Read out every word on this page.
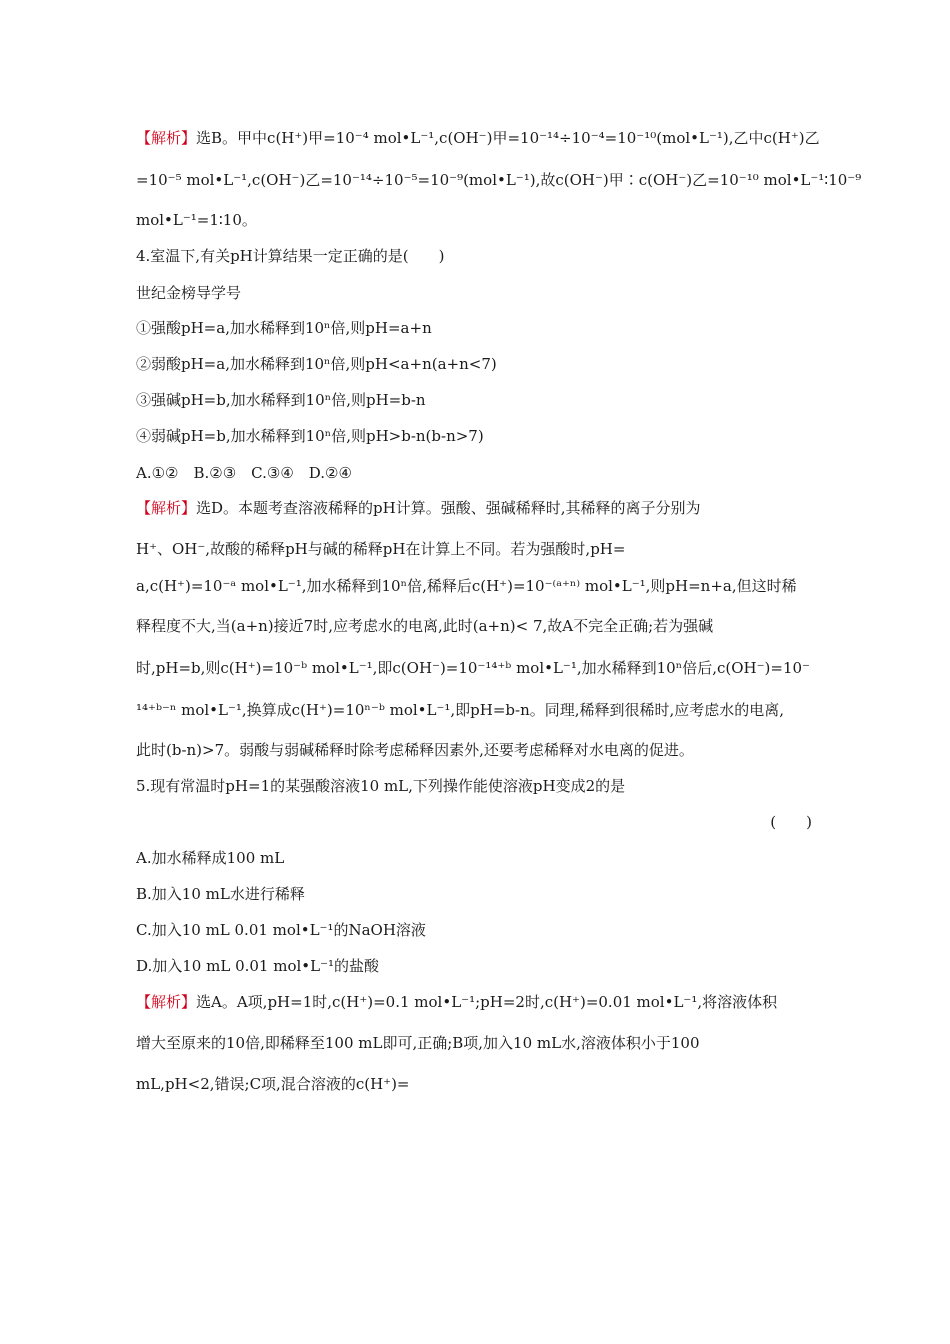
【解析】选B。甲中c(H⁺)甲=10⁻⁴ mol•L⁻¹,c(OH⁻)甲=10⁻¹⁴÷10⁻⁴=10⁻¹⁰(mol•L⁻¹),乙中c(H⁺)乙
=10⁻⁵ mol•L⁻¹,c(OH⁻)乙=10⁻¹⁴÷10⁻⁵=10⁻⁹(mol•L⁻¹),故c(OH⁻)甲∶c(OH⁻)乙=10⁻¹⁰ mol•L⁻¹∶10⁻⁹
mol•L⁻¹=1∶10。
4.室温下,有关pH计算结果一定正确的是(　　)
世纪金榜导学号
①强酸pH=a,加水稀释到10ⁿ倍,则pH=a+n
②弱酸pH=a,加水稀释到10ⁿ倍,则pH<a+n(a+n<7)
③强碱pH=b,加水稀释到10ⁿ倍,则pH=b-n
④弱碱pH=b,加水稀释到10ⁿ倍,则pH>b-n(b-n>7)
A.①②　B.②③　C.③④　D.②④
【解析】选D。本题考查溶液稀释的pH计算。强酸、强碱稀释时,其稀释的离子分别为
H⁺、OH⁻,故酸的稀释pH与碱的稀释pH在计算上不同。若为强酸时,pH=
a,c(H⁺)=10⁻ᵃ mol•L⁻¹,加水稀释到10ⁿ倍,稀释后c(H⁺)=10⁻⁽ᵃ⁺ⁿ⁾ mol•L⁻¹,则pH=n+a,但这时稀
释程度不大,当(a+n)接近7时,应考虑水的电离,此时(a+n)< 7,故A不完全正确;若为强碱
时,pH=b,则c(H⁺)=10⁻ᵇ mol•L⁻¹,即c(OH⁻)=10⁻¹⁴⁺ᵇ mol•L⁻¹,加水稀释到10ⁿ倍后,c(OH⁻)=10⁻
¹⁴⁺ᵇ⁻ⁿ mol•L⁻¹,换算成c(H⁺)=10ⁿ⁻ᵇ mol•L⁻¹,即pH=b-n。同理,稀释到很稀时,应考虑水的电离,
此时(b-n)>7。弱酸与弱碱稀释时除考虑稀释因素外,还要考虑稀释对水电离的促进。
5.现有常温时pH=1的某强酸溶液10 mL,下列操作能使溶液pH变成2的是
(　　)
A.加水稀释成100 mL
B.加入10 mL水进行稀释
C.加入10 mL 0.01 mol•L⁻¹的NaOH溶液
D.加入10 mL 0.01 mol•L⁻¹的盐酸
【解析】选A。A项,pH=1时,c(H⁺)=0.1 mol•L⁻¹;pH=2时,c(H⁺)=0.01 mol•L⁻¹,将溶液体积
增大至原来的10倍,即稀释至100 mL即可,正确;B项,加入10 mL水,溶液体积小于100
mL,pH<2,错误;C项,混合溶液的c(H⁺)=
